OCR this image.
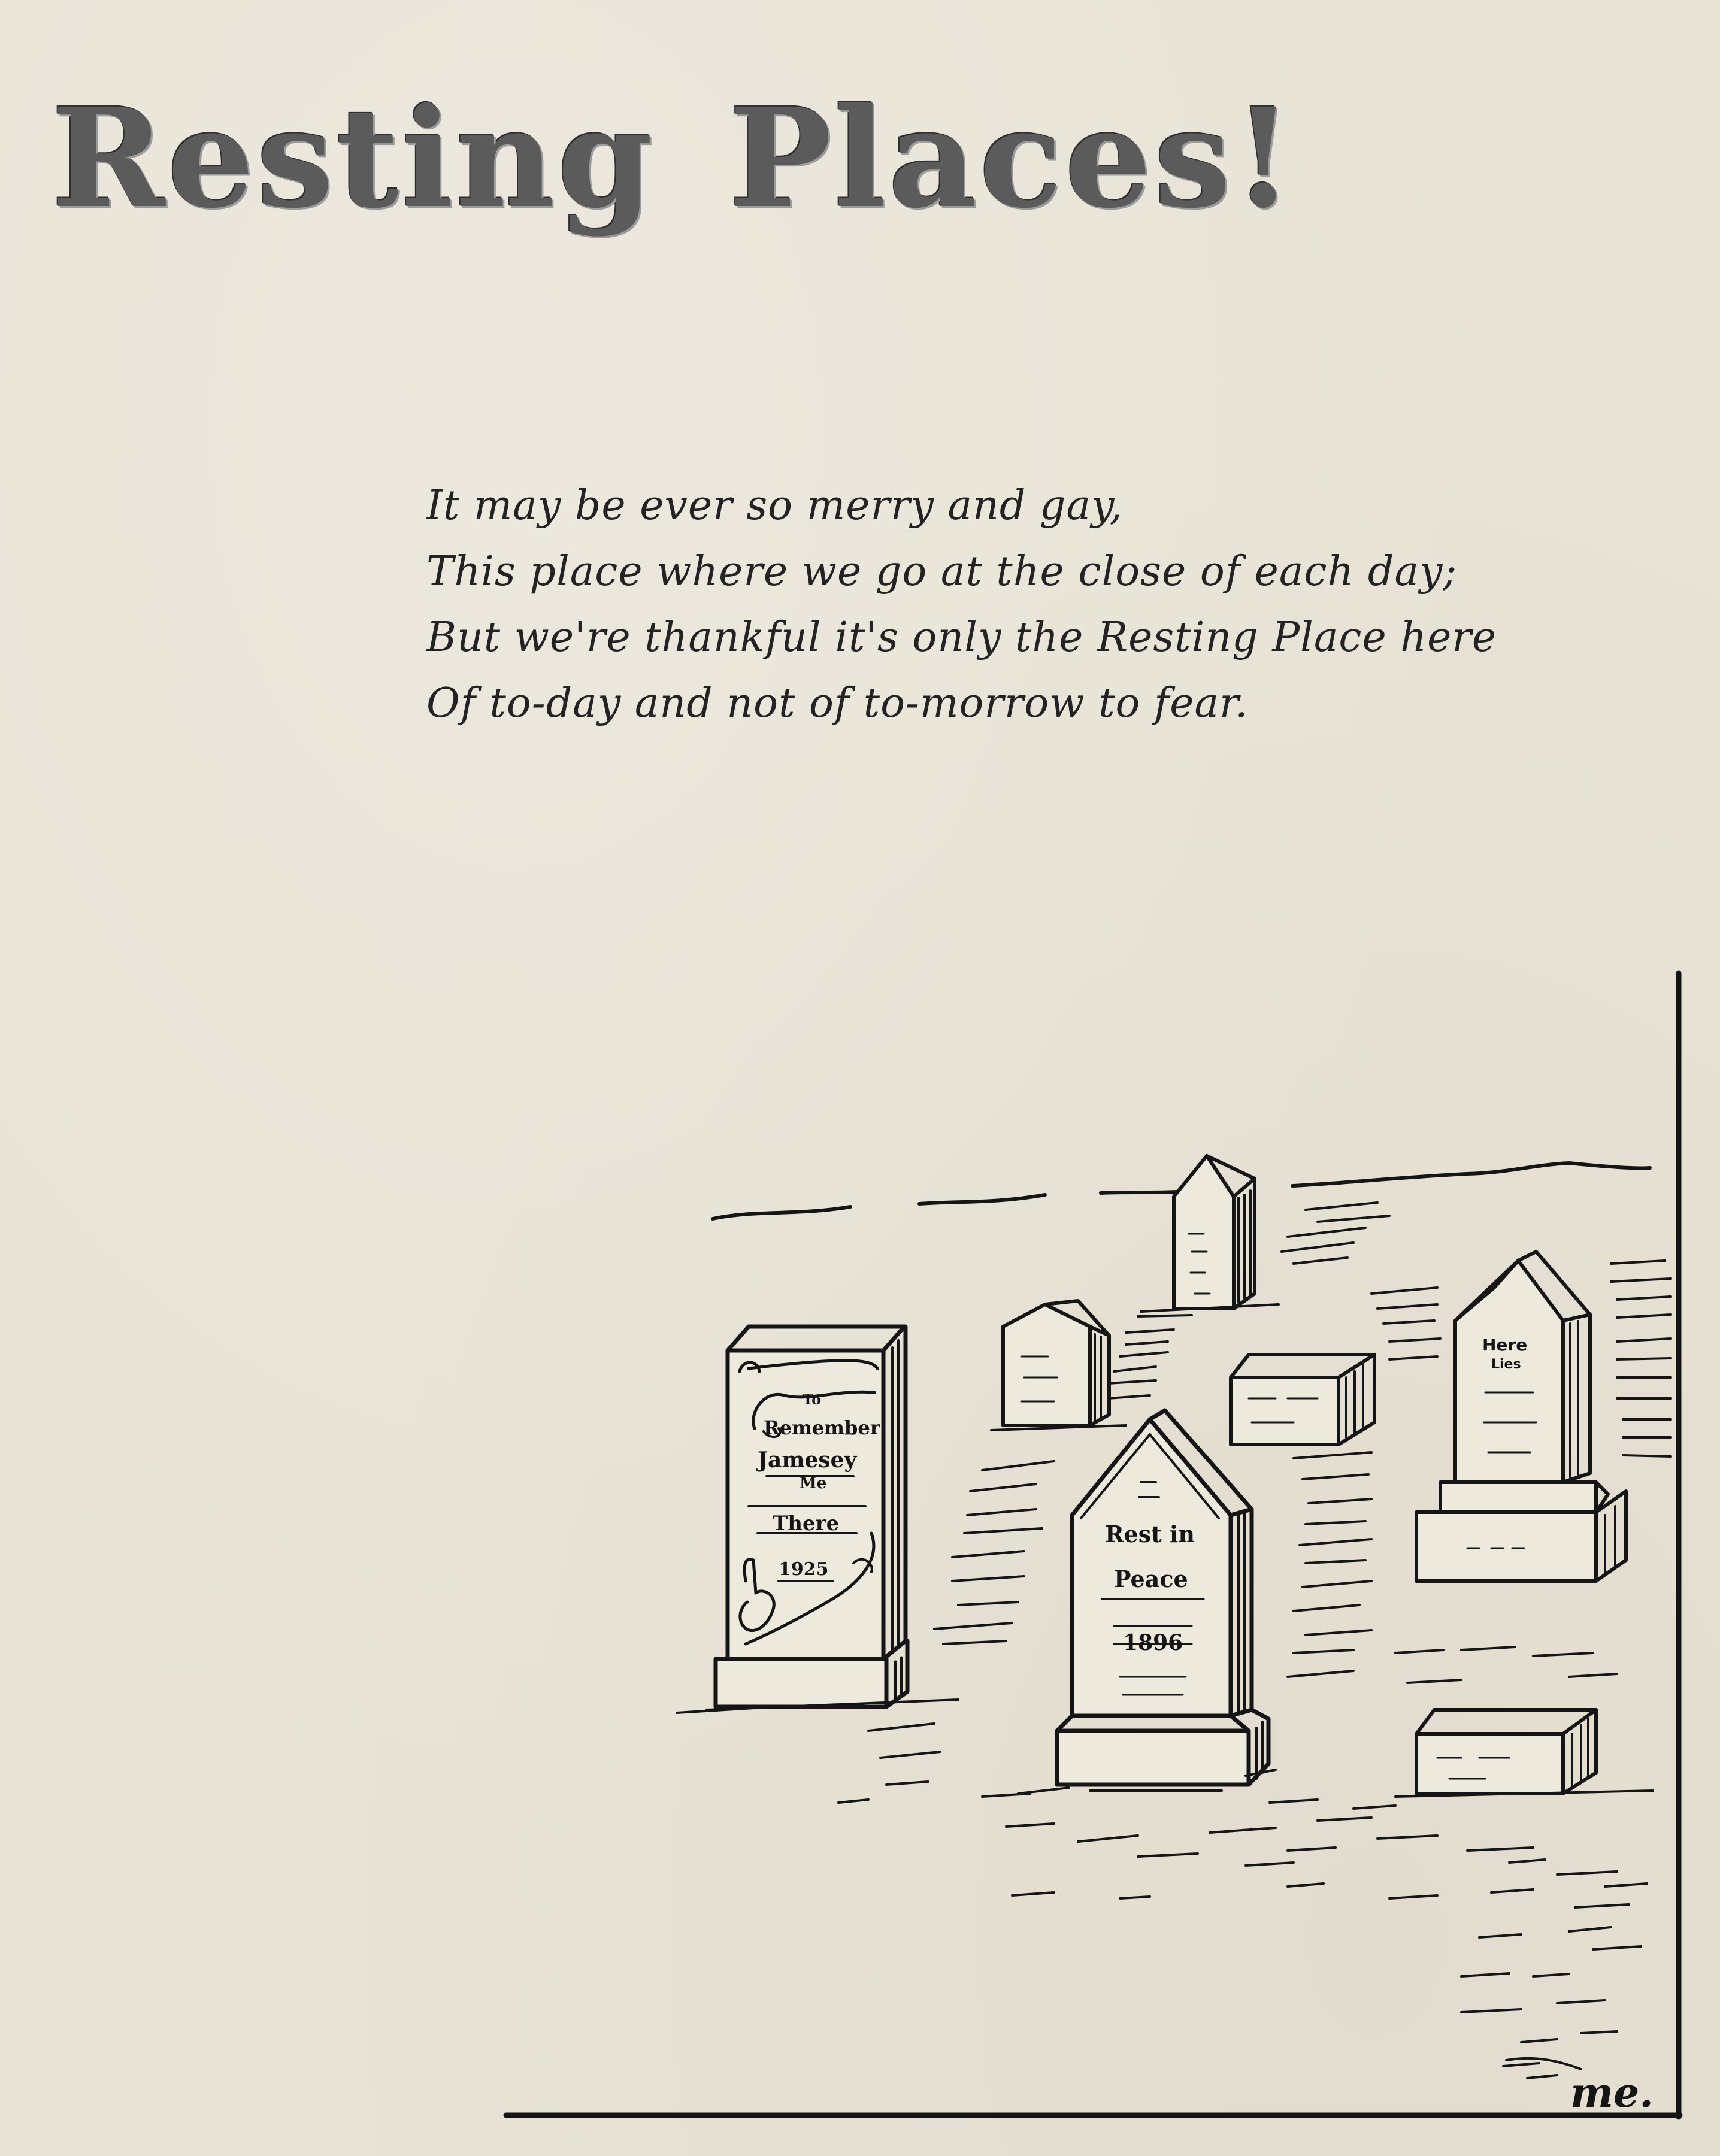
Resting Places!
It may be ever so merry and gay,
This place where we go at the close of each day;
But we're thankful it's only the Resting Place here
Of to-day and not of to-morrow to fear.
To
Remember
Jamesey
Me
There
1925
Rest in
Peace
1896
Here
Lies
me.
